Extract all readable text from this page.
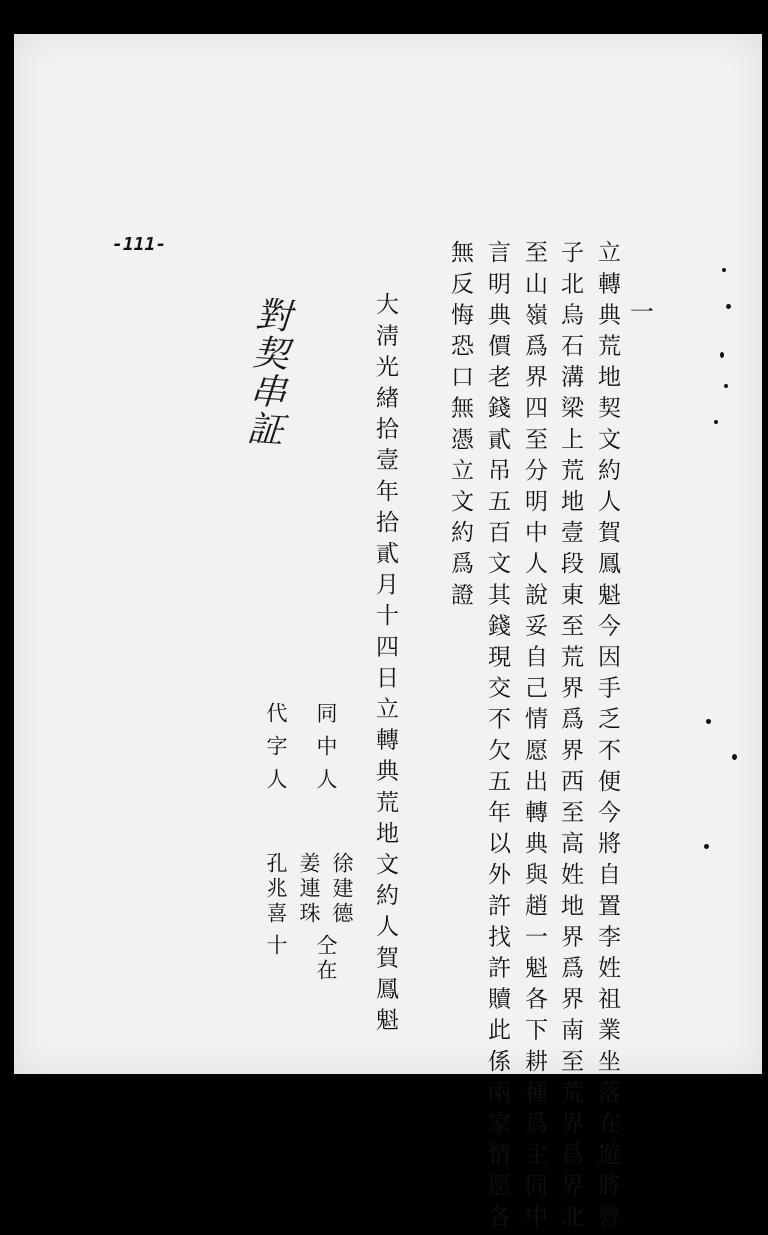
-111-
對契串証	一
立轉典荒地契文約人賀鳳魁今因手乏不便今將自置李姓祖業坐落在遊將營
子北烏石溝梁上荒地壹段東至荒界爲界西至高姓地界爲界南至荒界爲界北
至山嶺爲界四至分明中人說妥自己情愿出轉典與趙一魁各下耕種爲主同中
言明典價老錢貳吊五百文其錢現交不欠五年以外許找許贖此係兩家情愿各
無反悔恐口無憑立文約爲證
大淸光緖拾壹年拾貳月十四日立轉典荒地文約人賀鳳魁
同中人
代字人
徐建德
姜連珠
孔兆喜
仝在
十
